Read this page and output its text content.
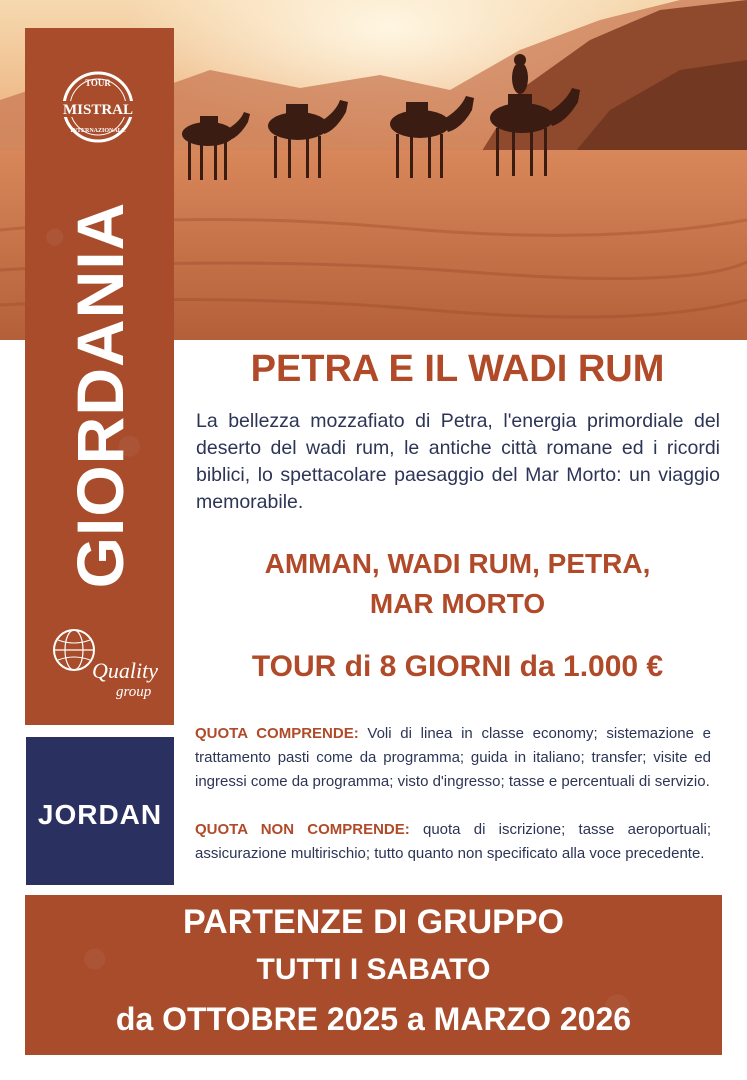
TOUR
MISTRAL
INTERNAZIONALE
GIORDANIA
Quality
group
JORDAN
PETRA E IL WADI RUM

La bellezza mozzafiato di Petra, l'energia primordiale del deserto del wadi rum, le antiche città romane ed i ricordi biblici, lo spettacolare paesaggio del Mar Morto: un viaggio memorabile.

AMMAN, WADI RUM, PETRA,
MAR MORTO
TOUR di 8 GIORNI da 1.000 €

QUOTA COMPRENDE: Voli di linea in classe economy; sistemazione e trattamento pasti come da programma; guida in italiano; transfer; visite ed ingressi come da programma; visto d'ingresso; tasse e percentuali di servizio.

QUOTA NON COMPRENDE: quota di iscrizione; tasse aeroportuali; assicurazione multirischio; tutto quanto non specificato alla voce precedente.

PARTENZE DI GRUPPO
TUTTI I SABATO
da OTTOBRE 2025 a MARZO 2026
